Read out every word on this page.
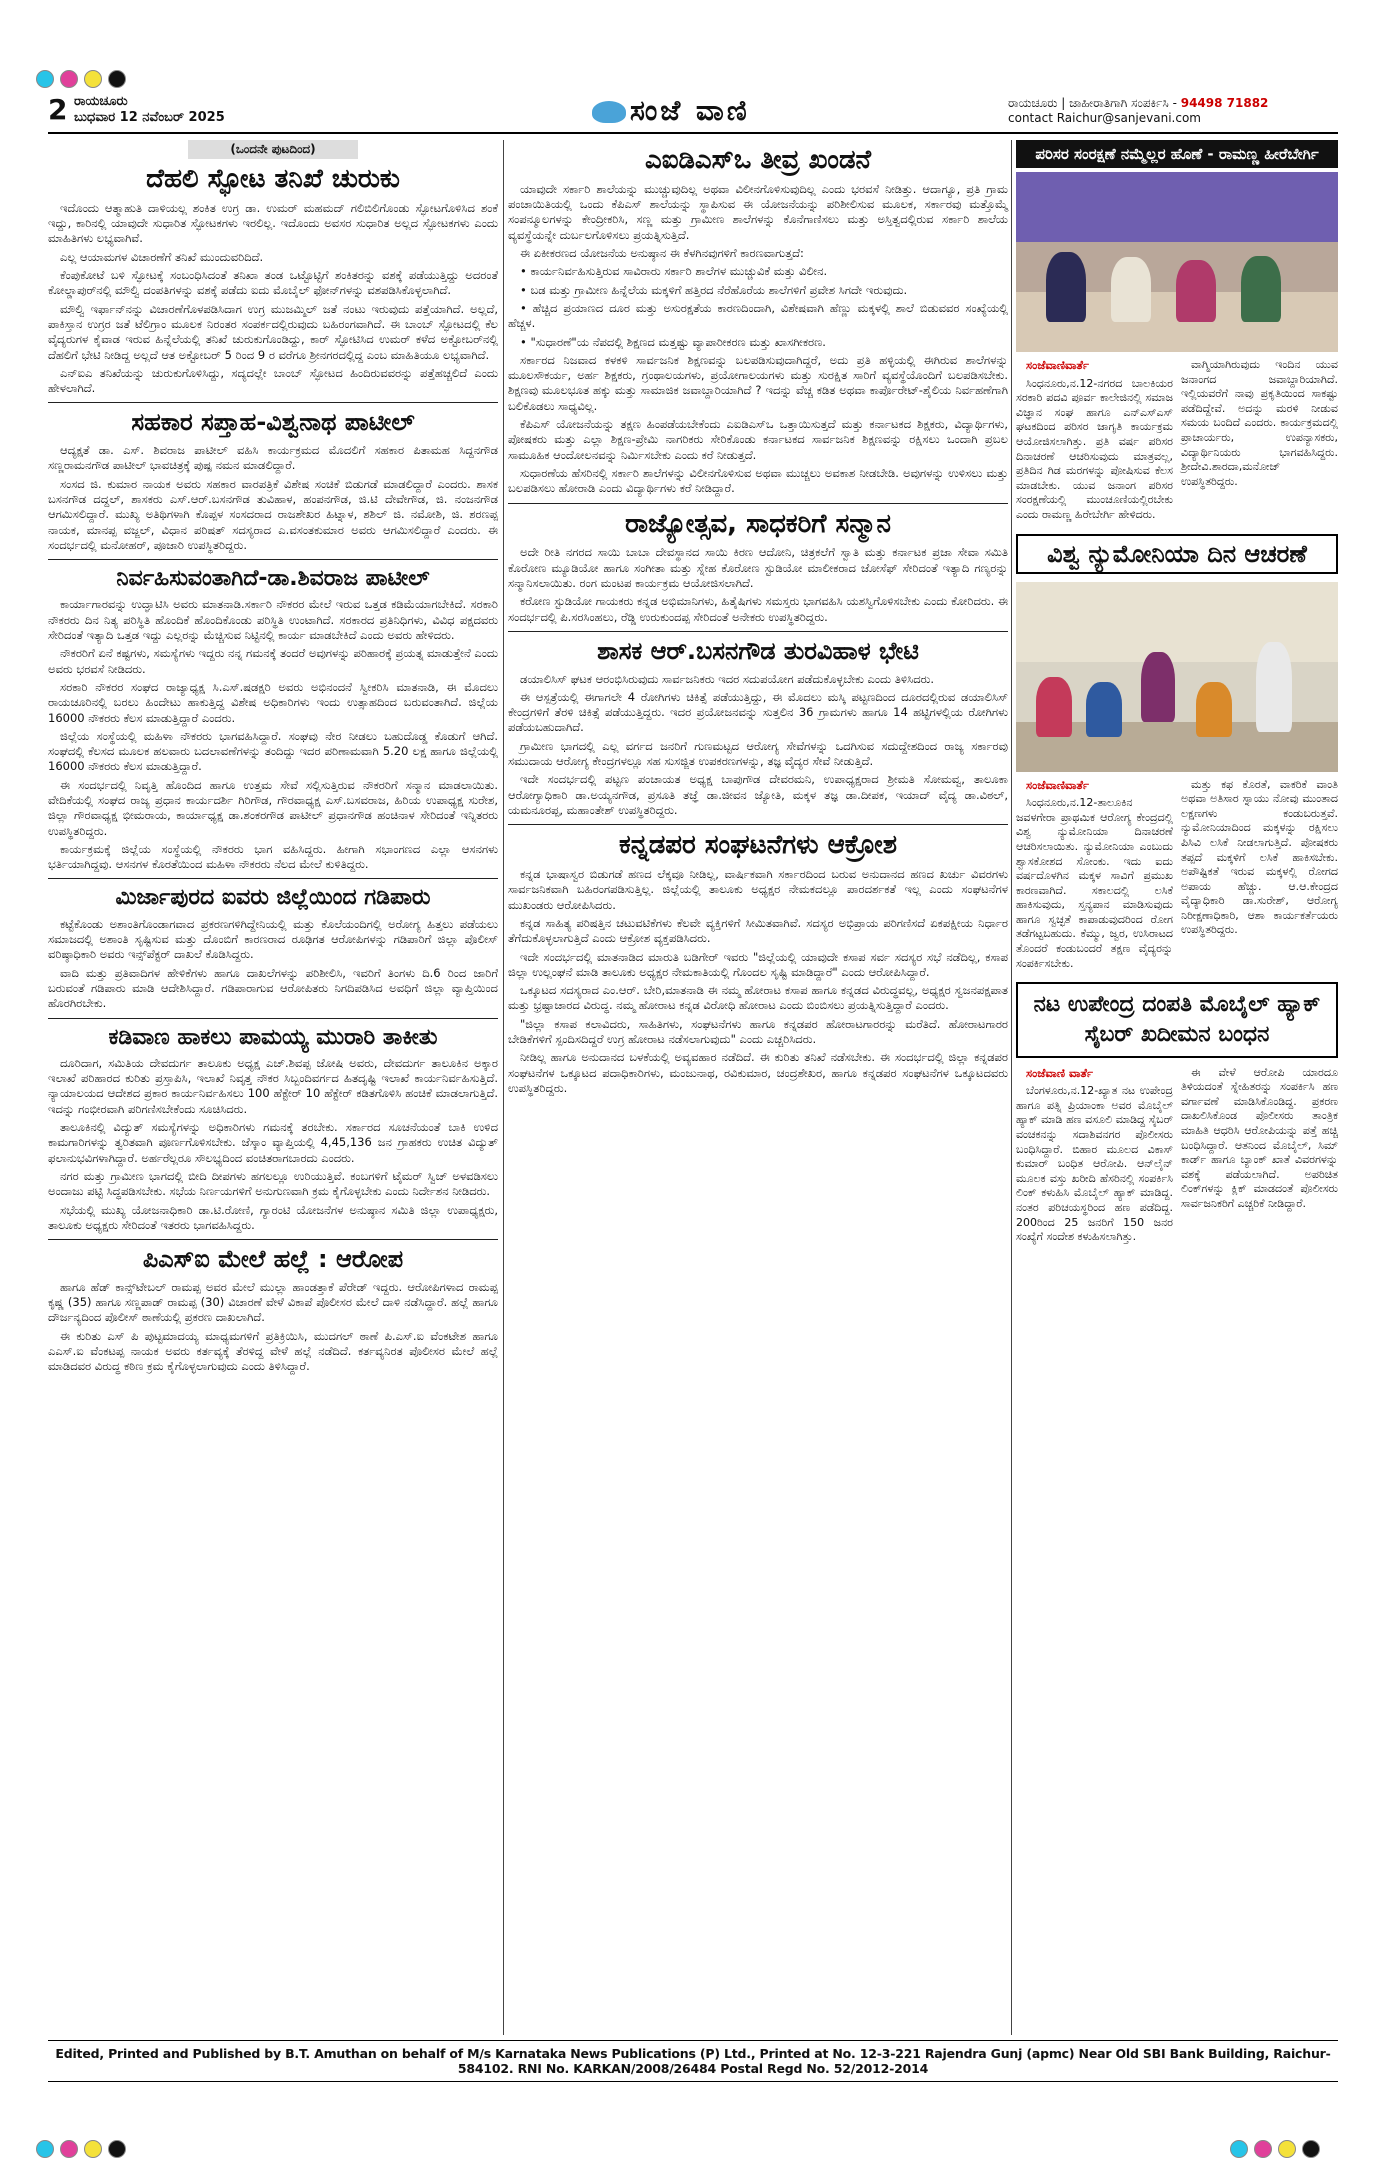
2 ರಾಯಚೂರು
ಬುಧವಾರ 12 ನವೆಂಬರ್ 2025	ಸಂಜೆ ವಾಣಿ	ರಾಯಚೂರು | ಜಾಹೀರಾತಿಗಾಗಿ ಸಂಪರ್ಕಿಸಿ - 94498 71882
contact Raichur@sanjevani.com
(ಒಂದನೇ ಪುಟದಿಂದ)
ದೆಹಲಿ ಸ್ಫೋಟ ತನಿಖೆ ಚುರುಕು

ಇದೊಂದು ಆತ್ಮಾಹುತಿ ದಾಳಿಯಲ್ಲ ಶಂಕಿತ ಉಗ್ರ ಡಾ. ಉಮರ್ ಮಹಮದ್ ಗಲಿಬಿಲಿಗೊಂಡು ಸ್ಫೋಟಗೊಳಿಸಿದ ಶಂಕೆ ಇದ್ದು, ಕಾರಿನಲ್ಲಿ ಯಾವುದೇ ಸುಧಾರಿತ ಸ್ಫೋಟಕಗಳು ಇರಲಿಲ್ಲ. ಇದೊಂದು ಅವಸರ ಸುಧಾರಿತ ಅಲ್ಲದ ಸ್ಫೋಟಕಗಳು ಎಂದು ಮಾಹಿತಿಗಳು ಲಭ್ಯವಾಗಿವೆ.

ಎಲ್ಲ ಆಯಾಮಗಳ ವಿಚಾರಣೆಗೆ ತನಿಖೆ ಮುಂದುವರಿದಿದೆ.

ಕೆಂಪುಕೋಟೆ ಬಳಿ ಸ್ಫೋಟಕ್ಕೆ ಸಂಬಂಧಿಸಿದಂತೆ ತನಿಖಾ ತಂಡ ಒಟ್ಟೊಟ್ಟಿಗೆ ಶಂಕಿತರನ್ನು ವಶಕ್ಕೆ ಪಡೆಯುತ್ತಿದ್ದು ಅದರಂತೆ ಕೋಲ್ಡಾಪುರ್‌ನಲ್ಲಿ ಮೌಲ್ವಿ ದಂಪತಿಗಳನ್ನು ವಶಕ್ಕೆ ಪಡೆದು ಐದು ಮೊಬೈಲ್ ಫೋನ್‌ಗಳನ್ನು ವಶಪಡಿಸಿಕೊಳ್ಳಲಾಗಿದೆ.

ಮೌಲ್ವಿ ಇರ್ಫಾನ್‌ನನ್ನು ವಿಚಾರಣೆಗೊಳಪಡಿಸಿದಾಗ ಉಗ್ರ ಮುಜಮ್ಮಿಲ್ ಜತೆ ನಂಟು ಇರುವುದು ಪತ್ತೆಯಾಗಿದೆ. ಅಲ್ಲದೆ, ಪಾಕಿಸ್ತಾನ ಉಗ್ರರ ಜತೆ ಟೆಲಿಗ್ರಾಂ ಮೂಲಕ ನಿರಂತರ ಸಂಪರ್ಕದಲ್ಲಿರುವುದು ಬಹಿರಂಗವಾಗಿದೆ. ಈ ಬಾಂಬ್ ಸ್ಫೋಟದಲ್ಲಿ ಕೆಲ ವೈದ್ಯರುಗಳ ಕೈವಾಡ ಇರುವ ಹಿನ್ನೆಲೆಯಲ್ಲಿ ತನಿಖೆ ಚುರುಕುಗೊಂಡಿದ್ದು, ಕಾರ್ ಸ್ಫೋಟಿಸಿದ ಉಮರ್ ಕಳೆದ ಅಕ್ಟೋಬರ್‌ನಲ್ಲಿ ದೆಹಲಿಗೆ ಭೇಟಿ ನೀಡಿದ್ದ ಅಲ್ಲದೆ ಆತ ಅಕ್ಟೋಬರ್ 5 ರಿಂದ 9 ರ ವರೆಗೂ ಶ್ರೀನಗರದಲ್ಲಿದ್ದ ಎಂಬ ಮಾಹಿತಿಯೂ ಲಭ್ಯವಾಗಿದೆ.

ಎನ್‌ಐಎ ತನಿಖೆಯನ್ನು ಚುರುಕುಗೊಳಿಸಿದ್ದು, ಸದ್ಯದಲ್ಲೇ ಬಾಂಬ್ ಸ್ಫೋಟದ ಹಿಂದಿರುವವರನ್ನು ಪತ್ತೆಹಚ್ಚಲಿದೆ ಎಂದು ಹೇಳಲಾಗಿದೆ.

ಸಹಕಾರ ಸಪ್ತಾಹ-ವಿಶ್ವನಾಥ ಪಾಟೀಲ್

ಆದ್ಯಕ್ಷತೆ ಡಾ. ಎಸ್. ಶಿವರಾಜ ಪಾಟೀಲ್ ವಹಿಸಿ ಕಾರ್ಯಕ್ರಮದ ಮೊದಲಿಗೆ ಸಹಕಾರ ಪಿತಾಮಹ ಸಿದ್ದನಗೌಡ ಸಣ್ಣರಾಮನಗೌಡ ಪಾಟೀಲ್ ಭಾವಚಿತ್ರಕ್ಕೆ ಪುಷ್ಪ ನಮನ ಮಾಡಲಿದ್ದಾರೆ.

ಸಂಸದ ಜಿ. ಕುಮಾರ ನಾಯಕ ಅವರು ಸಹಕಾರ ವಾರಪತ್ರಿಕೆ ವಿಶೇಷ ಸಂಚಿಕೆ ಬಿಡುಗಡೆ ಮಾಡಲಿದ್ದಾರೆ ಎಂದರು. ಶಾಸಕ ಬಸನಗೌಡ ದದ್ದಲ್, ಶಾಸಕರು ಎಸ್.ಆರ್.ಬಸನಗೌಡ ತುವಿಹಾಳ, ಹಂಪನಗೌಡ, ಜಿ.ಟಿ ದೇವೇಗೌಡ, ಜಿ. ನಂಜನಗೌಡ ಆಗಮಿಸಲಿದ್ದಾರೆ. ಮುಖ್ಯ ಅತಿಥಿಗಳಾಗಿ ಕೊಪ್ಪಳ ಸಂಸದರಾದ ರಾಜಶೇಖರ ಹಿಟ್ನಾಳ, ಶಶಿಲ್ ಜಿ. ನಮೋಶಿ, ಜಿ. ಶರಣಪ್ಪ ನಾಯಕ, ಮಾನಪ್ಪ ವಜ್ಜಲ್, ವಿಧಾನ ಪರಿಷತ್ ಸದಸ್ಯರಾದ ಎ.ವಸಂತಕುಮಾರ ಅವರು ಆಗಮಿಸಲಿದ್ದಾರೆ ಎಂದರು. ಈ ಸಂದರ್ಭದಲ್ಲಿ ಮನೋಹರ್, ಪೂಜಾರಿ ಉಪಸ್ಥಿತರಿದ್ದರು.

ನಿರ್ವಹಿಸುವಂತಾಗಿದೆ-ಡಾ.ಶಿವರಾಜ ಪಾಟೀಲ್

ಕಾರ್ಯಾಗಾರವನ್ನು ಉದ್ಘಾಟಿಸಿ ಅವರು ಮಾತನಾಡಿ.ಸರ್ಕಾರಿ ನೌಕರರ ಮೇಲೆ ಇರುವ ಒತ್ತಡ ಕಡಿಮೆಯಾಗಬೇಕಿದೆ. ಸರಕಾರಿ ನೌಕರರು ದಿನ ನಿತ್ಯ ಪರಿಸ್ಥಿತಿ ಹೊಂದಿಕೆ ಹೊಂದಿಕೊಂಡು ಪರಿಸ್ಥಿತಿ ಉಂಟಾಗಿದೆ. ಸರಕಾರದ ಪ್ರತಿನಿಧಿಗಳು, ವಿವಿಧ ಪಕ್ಷದವರು ಸೇರಿದಂತೆ ಇತ್ಯಾದಿ ಒತ್ತಡ ಇದ್ದು ಎಲ್ಲರನ್ನು ಮೆಚ್ಚಿಸುವ ನಿಟ್ಟಿನಲ್ಲಿ ಕಾರ್ಯ ಮಾಡಬೇಕಿದೆ ಎಂದು ಅವರು ಹೇಳಿದರು.

ನೌಕರರಿಗೆ ಏನೆ ಕಷ್ಟಗಳು, ಸಮಸ್ಯೆಗಳು ಇದ್ದರು ನನ್ನ ಗಮನಕ್ಕೆ ತಂದರೆ ಅವುಗಳನ್ನು ಪರಿಹಾರಕ್ಕೆ ಪ್ರಯತ್ನ ಮಾಡುತ್ತೇನೆ ಎಂದು ಅವರು ಭರವಸೆ ನೀಡಿದರು.

ಸರಕಾರಿ ನೌಕರರ ಸಂಘದ ರಾಜ್ಯಾಧ್ಯಕ್ಷ ಸಿ.ಎಸ್.ಷಡಕ್ಷರಿ ಅವರು ಅಭಿನಂದನೆ ಸ್ವೀಕರಿಸಿ ಮಾತನಾಡಿ, ಈ ಮೊದಲು ರಾಯಚೂರಿನಲ್ಲಿ ಬರಲು ಹಿಂದೇಟು ಹಾಕುತ್ತಿದ್ದ ವಿಶೇಷ ಅಧಿಕಾರಿಗಳು ಇಂದು ಉತ್ಸಾಹದಿಂದ ಬರುವಂತಾಗಿದೆ. ಜಿಲ್ಲೆಯ 16000 ನೌಕರರು ಕೆಲಸ ಮಾಡುತ್ತಿದ್ದಾರೆ ಎಂದರು.

ಜಿಲ್ಲೆಯ ಸಂಸ್ಥೆಯಲ್ಲಿ ಮಹಿಳಾ ನೌಕರರು ಭಾಗವಹಿಸಿದ್ದಾರೆ. ಸಂಘವು ನೇರ ನೀಡಲು ಬಹುದೊಡ್ಡ ಕೊಡುಗೆ ಆಗಿದೆ. ಸಂಘದಲ್ಲಿ ಕೆಲಸದ ಮೂಲಕ ಹಲವಾರು ಬದಲಾವಣೆಗಳನ್ನು ತಂದಿದ್ದು ಇದರ ಪರಿಣಾಮವಾಗಿ 5.20 ಲಕ್ಷ ಹಾಗೂ ಜಿಲ್ಲೆಯಲ್ಲಿ 16000 ನೌಕರರು ಕೆಲಸ ಮಾಡುತ್ತಿದ್ದಾರೆ.

ಈ ಸಂದರ್ಭದಲ್ಲಿ ನಿವೃತ್ತಿ ಹೊಂದಿದ ಹಾಗೂ ಉತ್ತಮ ಸೇವೆ ಸಲ್ಲಿಸುತ್ತಿರುವ ನೌಕರರಿಗೆ ಸನ್ಮಾನ ಮಾಡಲಾಯಿತು. ವೇದಿಕೆಯಲ್ಲಿ ಸಂಘದ ರಾಜ್ಯ ಪ್ರಧಾನ ಕಾರ್ಯದರ್ಶಿ ಗಿರಿಗೌಡ, ಗೌರವಾಧ್ಯಕ್ಷ ಎಸ್.ಬಸವರಾಜ, ಹಿರಿಯ ಉಪಾಧ್ಯಕ್ಷ ಸುರೇಶ, ಜಿಲ್ಲಾ ಗೌರವಾಧ್ಯಕ್ಷ ಭೀಮರಾಯ, ಕಾರ್ಯಾಧ್ಯಕ್ಷ ಡಾ.ಶಂಕರಗೌಡ ಪಾಟೀಲ್ ಪ್ರಧಾನಗೌಡ ಹಂಚಿನಾಳ ಸೇರಿದಂತೆ ಇನ್ನಿತರರು ಉಪಸ್ಥಿತರಿದ್ದರು.

ಕಾರ್ಯಕ್ರಮಕ್ಕೆ ಜಿಲ್ಲೆಯ ಸಂಸ್ಥೆಯಲ್ಲಿ ನೌಕರರು ಭಾಗ ವಹಿಸಿದ್ದರು. ಹೀಗಾಗಿ ಸಭಾಂಗಣದ ಎಲ್ಲಾ ಆಸನಗಳು ಭರ್ತಿಯಾಗಿದ್ದವು. ಆಸನಗಳ ಕೊರತೆಯಿಂದ ಮಹಿಳಾ ನೌಕರರು ನೆಲದ ಮೇಲೆ ಕುಳಿತಿದ್ದರು.

ಮಿರ್ಜಾಪುರದ ಐವರು ಜಿಲ್ಲೆಯಿಂದ ಗಡಿಪಾರು

ಕಟ್ಟೆಕೊಂಡು ಅಶಾಂತಿಗೊಂಡಾಗವಾದ ಪ್ರಕರಣಗಳಿಗಿದ್ದೇನಿಯಲ್ಲಿ ಮತ್ತು ಕೊಲೆಯಂದಿಗಲ್ಲಿ ಅರೋಗ್ಯ ಹಿತ್ತಲು ಪಡೆಯಲು ಸಮಾಜದಲ್ಲಿ ಅಶಾಂತಿ ಸೃಷ್ಟಿಸುವ ಮತ್ತು ದೊಂಬಿಗೆ ಕಾರಣರಾದ ರೂಢಿಗತ ಆರೋಪಿಗಳನ್ನು ಗಡಿಪಾರಿಗೆ ಜಿಲ್ಲಾ ಪೊಲೀಸ್ ವರಿಷ್ಠಾಧಿಕಾರಿ ಅವರು ಇನ್ಸ್‌ಪೆಕ್ಟರ್ ದಾಖಲೆ ಕೊಡಿಸಿದ್ದರು.

ವಾದಿ ಮತ್ತು ಪ್ರತಿವಾದಿಗಳ ಹೇಳಿಕೆಗಳು ಹಾಗೂ ದಾಖಲೆಗಳನ್ನು ಪರಿಶೀಲಿಸಿ, ಇವರಿಗೆ ತಿಂಗಳು ದಿ.6 ರಿಂದ ಜಾರಿಗೆ ಬರುವಂತೆ ಗಡಿಪಾರು ಮಾಡಿ ಆದೇಶಿಸಿದ್ದಾರೆ. ಗಡಿಪಾರಾಗುವ ಆರೋಪಿತರು ನಿಗದಿಪಡಿಸಿದ ಅವಧಿಗೆ ಜಿಲ್ಲಾ ವ್ಯಾಪ್ತಿಯಿಂದ ಹೊರಗಿರಬೇಕು.

ಕಡಿವಾಣ ಹಾಕಲು ಪಾಮಯ್ಯ ಮುರಾರಿ ತಾಕೀತು

ದೂರಿದಾಗ, ಸಮಿತಿಯ ದೇವದುರ್ಗ ತಾಲೂಕು ಅಧ್ಯಕ್ಷ ಎಚ್.ಶಿವಪ್ಪ ಜೋಷಿ ಅವರು, ದೇವದುರ್ಗ ತಾಲೂಕಿನ ಅಕ್ಕಾರ ಇಲಾಖೆ ಪರಿಹಾರದ ಕುರಿತು ಪ್ರಸ್ತಾಪಿಸಿ, ಇಲಾಖೆ ನಿವೃತ್ತ ನೌಕರ ಸಿಬ್ಬಂದಿವರ್ಗದ ಹಿತದೃಷ್ಟಿ ಇಲಾಖೆ ಕಾರ್ಯನಿರ್ವಹಿಸುತ್ತಿದೆ. ನ್ಯಾಯಾಲಯದ ಆದೇಶದ ಪ್ರಕಾರ ಕಾರ್ಯನಿರ್ವಹಿಸಲು 100 ಹೆಕ್ಟೇರ್ 10 ಹೆಕ್ಟೇರ್ ಕಡಿತಗೊಳಿಸಿ ಹಂಚಿಕೆ ಮಾಡಲಾಗುತ್ತಿದೆ. ಇದನ್ನು ಗಂಭೀರವಾಗಿ ಪರಿಗಣಿಸಬೇಕೆಂದು ಸೂಚಿಸಿದರು.

ತಾಲೂಕಿನಲ್ಲಿ ವಿದ್ಯುತ್ ಸಮಸ್ಯೆಗಳನ್ನು ಅಧಿಕಾರಿಗಳು ಗಮನಕ್ಕೆ ತರಬೇಕು. ಸರ್ಕಾರದ ಸೂಚನೆಯಂತೆ ಬಾಕಿ ಉಳಿದ ಕಾಮಗಾರಿಗಳನ್ನು ತ್ವರಿತವಾಗಿ ಪೂರ್ಣಗೊಳಿಸಬೇಕು. ಜೆಸ್ಕಾಂ ವ್ಯಾಪ್ತಿಯಲ್ಲಿ 4,45,136 ಜನ ಗ್ರಾಹಕರು ಉಚಿತ ವಿದ್ಯುತ್ ಫಲಾನುಭವಿಗಳಾಗಿದ್ದಾರೆ. ಅರ್ಹರೆಲ್ಲರೂ ಸೌಲಭ್ಯದಿಂದ ವಂಚಿತರಾಗಬಾರದು ಎಂದರು.

ನಗರ ಮತ್ತು ಗ್ರಾಮೀಣ ಭಾಗದಲ್ಲಿ ಬೀದಿ ದೀಪಗಳು ಹಗಲಲ್ಲೂ ಉರಿಯುತ್ತಿವೆ. ಕಂಬಗಳಿಗೆ ಟೈಮರ್ ಸ್ವಿಚ್ ಅಳವಡಿಸಲು ಅಂದಾಜು ಪಟ್ಟಿ ಸಿದ್ಧಪಡಿಸಬೇಕು. ಸಭೆಯ ನಿರ್ಣಯಗಳಿಗೆ ಅನುಗುಣವಾಗಿ ಕ್ರಮ ಕೈಗೊಳ್ಳಬೇಕು ಎಂದು ನಿರ್ದೇಶನ ನೀಡಿದರು.

ಸಭೆಯಲ್ಲಿ ಮುಖ್ಯ ಯೋಜನಾಧಿಕಾರಿ ಡಾ.ಟಿ.ರೋಣಿ, ಗ್ಯಾರಂಟಿ ಯೋಜನೆಗಳ ಅನುಷ್ಠಾನ ಸಮಿತಿ ಜಿಲ್ಲಾ ಉಪಾಧ್ಯಕ್ಷರು, ತಾಲೂಕು ಅಧ್ಯಕ್ಷರು ಸೇರಿದಂತೆ ಇತರರು ಭಾಗವಹಿಸಿದ್ದರು.

ಪಿಎಸ್‌ಐ ಮೇಲೆ ಹಲ್ಲೆ : ಆರೋಪ

ಹಾಗೂ ಹೆಡ್ ಕಾನ್ಸ್‌ಟೇಬಲ್ ರಾಮಪ್ಪ ಅವರ ಮೇಲೆ ಮುಲ್ಲಾ ಹಾಂಡತ್ತಾಕೆ ಪೆರೇಡ್ ಇದ್ದರು. ಆರೋಪಿಗಳಾದ ರಾಮಪ್ಪ ಕೃಷ್ಣ (35) ಹಾಗೂ ಸಣ್ಣಪಾಡ್ ರಾಮಪ್ಪ (30) ವಿಚಾರಣೆ ವೇಳೆ ವಿಕಾಪೆ ಪೊಲೀಸರ ಮೇಲೆ ದಾಳಿ ನಡೆಸಿದ್ದಾರೆ. ಹಲ್ಲೆ ಹಾಗೂ ದೌರ್ಜನ್ಯದಿಂದ ಪೊಲೀಸ್ ಠಾಣೆಯಲ್ಲಿ ಪ್ರಕರಣ ದಾಖಲಾಗಿದೆ.

ಈ ಕುರಿತು ಎಸ್ ಪಿ ಪುಟ್ಟಮಾದಯ್ಯ ಮಾಧ್ಯಮಗಳಿಗೆ ಪ್ರತಿಕ್ರಿಯಿಸಿ, ಮುದಗಲ್ ಠಾಣೆ ಪಿ.ಎಸ್.ಐ ವೆಂಕಟೇಶ ಹಾಗೂ ಎಎಸ್.ಐ ವೆಂಕಟಪ್ಪ ನಾಯಕ ಅವರು ಕರ್ತವ್ಯಕ್ಕೆ ತೆರಳಿದ್ದ ವೇಳೆ ಹಲ್ಲೆ ನಡೆದಿದೆ. ಕರ್ತವ್ಯನಿರತ ಪೊಲೀಸರ ಮೇಲೆ ಹಲ್ಲೆ ಮಾಡಿದವರ ವಿರುದ್ಧ ಕಠಿಣ ಕ್ರಮ ಕೈಗೊಳ್ಳಲಾಗುವುದು ಎಂದು ತಿಳಿಸಿದ್ದಾರೆ.

ಎಐಡಿಎಸ್‌ಒ ತೀವ್ರ ಖಂಡನೆ

ಯಾವುದೇ ಸರ್ಕಾರಿ ಶಾಲೆಯನ್ನು ಮುಚ್ಚುವುದಿಲ್ಲ ಅಥವಾ ವಿಲೀನಗೊಳಿಸುವುದಿಲ್ಲ ಎಂದು ಭರವಸೆ ನೀಡಿತ್ತು. ಆದಾಗ್ಯೂ, ಪ್ರತಿ ಗ್ರಾಮ ಪಂಚಾಯಿತಿಯಲ್ಲಿ ಒಂದು ಕೆಪಿಎಸ್ ಶಾಲೆಯನ್ನು ಸ್ಥಾಪಿಸುವ ಈ ಯೋಜನೆಯನ್ನು ಪರಿಶೀಲಿಸುವ ಮೂಲಕ, ಸರ್ಕಾರವು ಮತ್ತೊಮ್ಮೆ ಸಂಪನ್ಮೂಲಗಳನ್ನು ಕೇಂದ್ರೀಕರಿಸಿ, ಸಣ್ಣ ಮತ್ತು ಗ್ರಾಮೀಣ ಶಾಲೆಗಳನ್ನು ಕೊನೆಗಾಣಿಸಲು ಮತ್ತು ಅಸ್ತಿತ್ವದಲ್ಲಿರುವ ಸರ್ಕಾರಿ ಶಾಲೆಯ ವ್ಯವಸ್ಥೆಯನ್ನೇ ದುರ್ಬಲಗೊಳಿಸಲು ಪ್ರಯತ್ನಿಸುತ್ತಿದೆ.

ಈ ಏಕೀಕರಣದ ಯೋಜನೆಯ ಅನುಷ್ಠಾನ ಈ ಕೆಳಗಿನವುಗಳಿಗೆ ಕಾರಣವಾಗುತ್ತದೆ:

• ಕಾರ್ಯನಿರ್ವಹಿಸುತ್ತಿರುವ ಸಾವಿರಾರು ಸರ್ಕಾರಿ ಶಾಲೆಗಳ ಮುಚ್ಚುವಿಕೆ ಮತ್ತು ವಿಲೀನ.

• ಬಡ ಮತ್ತು ಗ್ರಾಮೀಣ ಹಿನ್ನೆಲೆಯ ಮಕ್ಕಳಿಗೆ ಹತ್ತಿರದ ನೆರೆಹೊರೆಯ ಶಾಲೆಗಳಿಗೆ ಪ್ರವೇಶ ಸಿಗದೇ ಇರುವುದು.

• ಹೆಚ್ಚಿದ ಪ್ರಯಾಣದ ದೂರ ಮತ್ತು ಅಸುರಕ್ಷತೆಯ ಕಾರಣದಿಂದಾಗಿ, ವಿಶೇಷವಾಗಿ ಹೆಣ್ಣು ಮಕ್ಕಳಲ್ಲಿ ಶಾಲೆ ಬಿಡುವವರ ಸಂಖ್ಯೆಯಲ್ಲಿ ಹೆಚ್ಚಳ.

• "ಸುಧಾರಣೆ"ಯ ನೆಪದಲ್ಲಿ ಶಿಕ್ಷಣದ ಮತ್ತಷ್ಟು ವ್ಯಾಪಾರೀಕರಣ ಮತ್ತು ಖಾಸಗೀಕರಣ.

ಸರ್ಕಾರದ ನಿಜವಾದ ಕಳಕಳಿ ಸಾರ್ವಜನಿಕ ಶಿಕ್ಷಣವನ್ನು ಬಲಪಡಿಸುವುದಾಗಿದ್ದರೆ, ಅದು ಪ್ರತಿ ಹಳ್ಳಿಯಲ್ಲಿ ಈಗಿರುವ ಶಾಲೆಗಳನ್ನು ಮೂಲಸೌಕರ್ಯ, ಅರ್ಹ ಶಿಕ್ಷಕರು, ಗ್ರಂಥಾಲಯಗಳು, ಪ್ರಯೋಗಾಲಯಗಳು ಮತ್ತು ಸುರಕ್ಷಿತ ಸಾರಿಗೆ ವ್ಯವಸ್ಥೆಯೊಂದಿಗೆ ಬಲಪಡಿಸಬೇಕು. ಶಿಕ್ಷಣವು ಮೂಲಭೂತ ಹಕ್ಕು ಮತ್ತು ಸಾಮಾಜಿಕ ಜವಾಬ್ದಾರಿಯಾಗಿದೆ ? ಇದನ್ನು ವೆಚ್ಚ ಕಡಿತ ಅಥವಾ ಕಾರ್ಪೊರೇಟ್-ಶೈಲಿಯ ನಿರ್ವಹಣೆಗಾಗಿ ಬಲಿಕೊಡಲು ಸಾಧ್ಯವಿಲ್ಲ.

ಕೆಪಿಎಸ್ ಯೋಜನೆಯನ್ನು ತಕ್ಷಣ ಹಿಂಪಡೆಯಬೇಕೆಂದು ಎಐಡಿಎಸ್‌ಒ ಒತ್ತಾಯಿಸುತ್ತದೆ ಮತ್ತು ಕರ್ನಾಟಕದ ಶಿಕ್ಷಕರು, ವಿದ್ಯಾರ್ಥಿಗಳು, ಪೋಷಕರು ಮತ್ತು ಎಲ್ಲಾ ಶಿಕ್ಷಣ-ಪ್ರೇಮಿ ನಾಗರಿಕರು ಸೇರಿಕೊಂಡು ಕರ್ನಾಟಕದ ಸಾರ್ವಜನಿಕ ಶಿಕ್ಷಣವನ್ನು ರಕ್ಷಿಸಲು ಒಂದಾಗಿ ಪ್ರಬಲ ಸಾಮೂಹಿಕ ಆಂದೋಲನವನ್ನು ನಿರ್ಮಿಸಬೇಕು ಎಂದು ಕರೆ ನೀಡುತ್ತದೆ.

ಸುಧಾರಣೆಯ ಹೆಸರಿನಲ್ಲಿ ಸರ್ಕಾರಿ ಶಾಲೆಗಳನ್ನು ವಿಲೀನಗೊಳಿಸುವ ಅಥವಾ ಮುಚ್ಚಲು ಅವಕಾಶ ನೀಡಬೇಡಿ. ಅವುಗಳನ್ನು ಉಳಿಸಲು ಮತ್ತು ಬಲಪಡಿಸಲು ಹೋರಾಡಿ ಎಂದು ವಿದ್ಯಾರ್ಥಿಗಳು ಕರೆ ನೀಡಿದ್ದಾರೆ.

ರಾಜ್ಯೋತ್ಸವ, ಸಾಧಕರಿಗೆ ಸನ್ಮಾನ

ಅದೇ ರೀತಿ ನಗರದ ಸಾಯಿ ಬಾಬಾ ದೇವಸ್ಥಾನದ ಸಾಯಿ ಕಿರಣ ಆದೋನಿ, ಚಿತ್ರಕಲೆಗೆ ಸ್ವಾತಿ ಮತ್ತು ಕರ್ನಾಟಕ ಪ್ರಜಾ ಸೇವಾ ಸಮಿತಿ ಕೊರೋಣ ಮ್ಯೂಡಿಯೋ ಹಾಗೂ ಸಂಗೀತಾ ಮತ್ತು ಸ್ನೇಹ ಕೊರೋಣ ಸ್ಟುಡಿಯೋ ಮಾಲೀಕರಾದ ಜೋಸೆಫ್ ಸೇರಿದಂತೆ ಇತ್ಯಾದಿ ಗಣ್ಯರನ್ನು ಸನ್ಮಾನಿಸಲಾಯಿತು. ರಂಗ ಮಂಟಪ ಕಾರ್ಯಕ್ರಮ ಆಯೋಜಿಸಲಾಗಿದೆ.

ಕರೋಣ ಸ್ಟುಡಿಯೋ ಗಾಯಕರು ಕನ್ನಡ ಅಭಿಮಾನಿಗಳು, ಹಿತೈಷಿಗಳು ಸಮಸ್ತರು ಭಾಗವಹಿಸಿ ಯಶಸ್ವಿಗೊಳಿಸಬೇಕು ಎಂದು ಕೋರಿದರು. ಈ ಸಂದರ್ಭದಲ್ಲಿ ಪಿ.ಸರಸಿಂಹಲು, ರೆಡ್ಡಿ ಉರುಕುಂದಪ್ಪ ಸೇರಿದಂತೆ ಅನೇಕರು ಉಪಸ್ಥಿತರಿದ್ದರು.

ಶಾಸಕ ಆರ್.ಬಸನಗೌಡ ತುರವಿಹಾಳ ಭೇಟಿ

ಡಯಾಲಿಸಿಸ್ ಘಟಕ ಆರಂಭಿಸಿರುವುದು ಸಾರ್ವಜನಿಕರು ಇದರ ಸದುಪಯೋಗ ಪಡೆದುಕೊಳ್ಳಬೇಕು ಎಂದು ತಿಳಿಸಿದರು.

ಈ ಆಸ್ಪತ್ರೆಯಲ್ಲಿ ಈಗಾಗಲೇ 4 ರೋಗಿಗಳು ಚಿಕಿತ್ಸೆ ಪಡೆಯುತ್ತಿದ್ದು, ಈ ಮೊದಲು ಮಸ್ಕಿ ಪಟ್ಟಣದಿಂದ ದೂರದಲ್ಲಿರುವ ಡಯಾಲಿಸಿಸ್ ಕೇಂದ್ರಗಳಿಗೆ ತೆರಳಿ ಚಿಕಿತ್ಸೆ ಪಡೆಯುತ್ತಿದ್ದರು. ಇದರ ಪ್ರಯೋಜನವನ್ನು ಸುತ್ತಲಿನ 36 ಗ್ರಾಮಗಳು ಹಾಗೂ 14 ಹಟ್ಟಿಗಳಲ್ಲಿಯ ರೋಗಿಗಳು ಪಡೆಯಬಹುದಾಗಿದೆ.

ಗ್ರಾಮೀಣ ಭಾಗದಲ್ಲಿ ಎಲ್ಲ ವರ್ಗದ ಜನರಿಗೆ ಗುಣಮಟ್ಟದ ಆರೋಗ್ಯ ಸೇವೆಗಳನ್ನು ಒದಗಿಸುವ ಸದುದ್ದೇಶದಿಂದ ರಾಜ್ಯ ಸರ್ಕಾರವು ಸಮುದಾಯ ಆರೋಗ್ಯ ಕೇಂದ್ರಗಳಲ್ಲೂ ಸಹ ಸುಸಜ್ಜಿತ ಉಪಕರಣಗಳನ್ನು, ತಜ್ಞ ವೈದ್ಯರ ಸೇವೆ ನೀಡುತ್ತಿದೆ.

ಇದೇ ಸಂದರ್ಭದಲ್ಲಿ ಪಟ್ಟಣ ಪಂಚಾಯತ ಅಧ್ಯಕ್ಷ ಬಾಪುಗೌಡ ದೇವರಮನಿ, ಉಪಾಧ್ಯಕ್ಷರಾದ ಶ್ರೀಮತಿ ಸೋಮವ್ವ, ತಾಲೂಕಾ ಆರೋಗ್ಯಾಧಿಕಾರಿ ಡಾ.ಅಯ್ಯನಗೌಡ, ಪ್ರಸೂತಿ ತಜ್ಞೆ ಡಾ.ಜೀವನ ಜ್ಯೋತಿ, ಮಕ್ಕಳ ತಜ್ಞ ಡಾ.ದೀಪಕ, ಇಯಾದ್ ವೈದ್ಯ ಡಾ.ವಿಠಲ್, ಯಮನೂರಪ್ಪ, ಮಹಾಂತೇಶ್ ಉಪಸ್ಥಿತರಿದ್ದರು.

ಕನ್ನಡಪರ ಸಂಘಟನೆಗಳು ಆಕ್ರೋಶ

ಕನ್ನಡ ಭಾಷಾಸ್ವರ ಬಿಡುಗಡೆ ಹಣದ ಲೆಕ್ಕವೂ ನೀಡಿಲ್ಲ, ವಾರ್ಷಿಕವಾಗಿ ಸರ್ಕಾರದಿಂದ ಬರುವ ಅನುದಾನದ ಹಣದ ಖರ್ಚು ವಿವರಗಳು ಸಾರ್ವಜನಿಕವಾಗಿ ಬಹಿರಂಗಪಡಿಸುತ್ತಿಲ್ಲ. ಜಿಲ್ಲೆಯಲ್ಲಿ ತಾಲೂಕು ಅಧ್ಯಕ್ಷರ ನೇಮಕದಲ್ಲೂ ಪಾರದರ್ಶಕತೆ ಇಲ್ಲ ಎಂದು ಸಂಘಟನೆಗಳ ಮುಖಂಡರು ಆರೋಪಿಸಿದರು.

ಕನ್ನಡ ಸಾಹಿತ್ಯ ಪರಿಷತ್ತಿನ ಚಟುವಟಿಕೆಗಳು ಕೆಲವೇ ವ್ಯಕ್ತಿಗಳಿಗೆ ಸೀಮಿತವಾಗಿವೆ. ಸದಸ್ಯರ ಅಭಿಪ್ರಾಯ ಪರಿಗಣಿಸದೆ ಏಕಪಕ್ಷೀಯ ನಿರ್ಧಾರ ತೆಗೆದುಕೊಳ್ಳಲಾಗುತ್ತಿದೆ ಎಂದು ಆಕ್ರೋಶ ವ್ಯಕ್ತಪಡಿಸಿದರು.

ಇದೇ ಸಂದರ್ಭದಲ್ಲಿ ಮಾತನಾಡಿದ ಮಾರುತಿ ಬಡಿಗೇರ್ ಇವರು "ಜಿಲ್ಲೆಯಲ್ಲಿ ಯಾವುದೇ ಕಸಾಪ ಸರ್ವ ಸದಸ್ಯರ ಸಭೆ ನಡೆದಿಲ್ಲ, ಕಸಾಪ ಜಿಲ್ಲಾ ಉಲ್ಲಂಘನೆ ಮಾಡಿ ತಾಲೂಕು ಅಧ್ಯಕ್ಷರ ನೇಮಕಾತಿಯಲ್ಲಿ ಗೊಂದಲ ಸೃಷ್ಟಿ ಮಾಡಿದ್ದಾರೆ" ಎಂದು ಆರೋಪಿಸಿದ್ದಾರೆ.

ಒಕ್ಕೂಟದ ಸದಸ್ಯರಾದ ಎಂ.ಆರ್. ಬೇರಿ,ಮಾತನಾಡಿ ಈ ನಮ್ಮ ಹೋರಾಟ ಕಸಾಪ ಹಾಗೂ ಕನ್ನಡದ ವಿರುದ್ಧವಲ್ಲ, ಅಧ್ಯಕ್ಷರ ಸ್ವಜನಪಕ್ಷಪಾತ ಮತ್ತು ಭ್ರಷ್ಟಾಚಾರದ ವಿರುದ್ಧ. ನಮ್ಮ ಹೋರಾಟ ಕನ್ನಡ ವಿರೋಧಿ ಹೋರಾಟ ಎಂದು ಬಿಂಬಿಸಲು ಪ್ರಯತ್ನಿಸುತ್ತಿದ್ದಾರೆ ಎಂದರು.

"ಜಿಲ್ಲಾ ಕಸಾಪ ಕಲಾವಿದರು, ಸಾಹಿತಿಗಳು, ಸಂಘಟನೆಗಳು ಹಾಗೂ ಕನ್ನಡಪರ ಹೋರಾಟಗಾರರನ್ನು ಮರೆತಿದೆ. ಹೋರಾಟಗಾರರ ಬೇಡಿಕೆಗಳಿಗೆ ಸ್ಪಂದಿಸದಿದ್ದರೆ ಉಗ್ರ ಹೋರಾಟ ನಡೆಸಲಾಗುವುದು" ಎಂದು ಎಚ್ಚರಿಸಿದರು.

ನೀಡಿಲ್ಲ ಹಾಗೂ ಅನುದಾನದ ಬಳಕೆಯಲ್ಲಿ ಅವ್ಯವಹಾರ ನಡೆದಿದೆ. ಈ ಕುರಿತು ತನಿಖೆ ನಡೆಸಬೇಕು. ಈ ಸಂದರ್ಭದಲ್ಲಿ ಜಿಲ್ಲಾ ಕನ್ನಡಪರ ಸಂಘಟನೆಗಳ ಒಕ್ಕೂಟದ ಪದಾಧಿಕಾರಿಗಳು, ಮಂಜುನಾಥ, ರವಿಕುಮಾರ, ಚಂದ್ರಶೇಖರ, ಹಾಗೂ ಕನ್ನಡಪರ ಸಂಘಟನೆಗಳ ಒಕ್ಕೂಟದವರು ಉಪಸ್ಥಿತರಿದ್ದರು.

ಪರಿಸರ ಸಂರಕ್ಷಣೆ ನಮ್ಮೆಲ್ಲರ ಹೊಣೆ - ರಾಮಣ್ಣ ಹೀರೆಬೇರ್ಗಿ

ಸಂಜೆವಾಣಿವಾರ್ತೆ

ಸಿಂಧನೂರು,ನ.12-ನಗರದ ಬಾಲಕಿಯರ ಸರಕಾರಿ ಪದವಿ ಪೂರ್ವ ಕಾಲೇಜಿನಲ್ಲಿ ಸಮಾಜ ವಿಜ್ಞಾನ ಸಂಘ ಹಾಗೂ ಎನ್‌ಎಸ್‌ಎಸ್ ಘಟಕದಿಂದ ಪರಿಸರ ಜಾಗೃತಿ ಕಾರ್ಯಕ್ರಮ ಆಯೋಜಿಸಲಾಗಿತ್ತು. ಪ್ರತಿ ವರ್ಷ ಪರಿಸರ ದಿನಾಚರಣೆ ಆಚರಿಸುವುದು ಮಾತ್ರವಲ್ಲ, ಪ್ರತಿದಿನ ಗಿಡ ಮರಗಳನ್ನು ಪೋಷಿಸುವ ಕೆಲಸ ಮಾಡಬೇಕು. ಯುವ ಜನಾಂಗ ಪರಿಸರ ಸಂರಕ್ಷಣೆಯಲ್ಲಿ ಮುಂಚೂಣಿಯಲ್ಲಿರಬೇಕು ಎಂದು ರಾಮಣ್ಣ ಹಿರೇಬೇರ್ಗಿ ಹೇಳಿದರು.

ವಾಗ್ಮಿಯಾಗಿರುವುದು ಇಂದಿನ ಯುವ ಜನಾಂಗದ ಜವಾಬ್ದಾರಿಯಾಗಿದೆ. ಇಲ್ಲಿಯವರೆಗೆ ನಾವು ಪ್ರಕೃತಿಯಿಂದ ಸಾಕಷ್ಟು ಪಡೆದಿದ್ದೇವೆ. ಅದನ್ನು ಮರಳಿ ನೀಡುವ ಸಮಯ ಬಂದಿದೆ ಎಂದರು. ಕಾರ್ಯಕ್ರಮದಲ್ಲಿ ಪ್ರಾಚಾರ್ಯರು, ಉಪನ್ಯಾಸಕರು, ವಿದ್ಯಾರ್ಥಿನಿಯರು ಭಾಗವಹಿಸಿದ್ದರು. ಶ್ರೀದೇವಿ.ಶಾರದಾ,ಮನೋಜ್ ಉಪಸ್ಥಿತರಿದ್ದರು.

ವಿಶ್ವ ನ್ಯುಮೋನಿಯಾ ದಿನ ಆಚರಣೆ

ಸಂಜೆವಾಣಿವಾರ್ತೆ

ಸಿಂಧನೂರು,ನ.12-ತಾಲೂಕಿನ ಜವಳಗೇರಾ ಪ್ರಾಥಮಿಕ ಆರೋಗ್ಯ ಕೇಂದ್ರದಲ್ಲಿ ವಿಶ್ವ ನ್ಯುಮೋನಿಯಾ ದಿನಾಚರಣೆ ಆಚರಿಸಲಾಯಿತು. ನ್ಯುಮೋನಿಯಾ ಎಂಬುದು ಶ್ವಾಸಕೋಶದ ಸೋಂಕು. ಇದು ಐದು ವರ್ಷದೊಳಗಿನ ಮಕ್ಕಳ ಸಾವಿಗೆ ಪ್ರಮುಖ ಕಾರಣವಾಗಿದೆ. ಸಕಾಲದಲ್ಲಿ ಲಸಿಕೆ ಹಾಕಿಸುವುದು, ಸ್ತನ್ಯಪಾನ ಮಾಡಿಸುವುದು ಹಾಗೂ ಸ್ವಚ್ಛತೆ ಕಾಪಾಡುವುದರಿಂದ ರೋಗ ತಡೆಗಟ್ಟಬಹುದು. ಕೆಮ್ಮು, ಜ್ವರ, ಉಸಿರಾಟದ ತೊಂದರೆ ಕಂಡುಬಂದರೆ ತಕ್ಷಣ ವೈದ್ಯರನ್ನು ಸಂಪರ್ಕಿಸಬೇಕು.

ಮತ್ತು ಕಫ ಕೊರತೆ, ವಾಕರಿಕೆ ವಾಂತಿ ಅಥವಾ ಅತಿಸಾರ ಸ್ನಾಯು ನೋವು ಮುಂತಾದ ಲಕ್ಷಣಗಳು ಕಂಡುಬರುತ್ತವೆ. ನ್ಯುಮೋನಿಯಾದಿಂದ ಮಕ್ಕಳನ್ನು ರಕ್ಷಿಸಲು ಪಿಸಿವಿ ಲಸಿಕೆ ನೀಡಲಾಗುತ್ತಿದೆ. ಪೋಷಕರು ತಪ್ಪದೆ ಮಕ್ಕಳಿಗೆ ಲಸಿಕೆ ಹಾಕಿಸಬೇಕು. ಅಪೌಷ್ಟಿಕತೆ ಇರುವ ಮಕ್ಕಳಲ್ಲಿ ರೋಗದ ಅಪಾಯ ಹೆಚ್ಚು. ಆ.ಆ.ಕೇಂದ್ರದ ವೈದ್ಯಾಧಿಕಾರಿ ಡಾ.ಸುರೇಶ್, ಆರೋಗ್ಯ ನಿರೀಕ್ಷಣಾಧಿಕಾರಿ, ಆಶಾ ಕಾರ್ಯಕರ್ತೆಯರು ಉಪಸ್ಥಿತರಿದ್ದರು.

ನಟ ಉಪೇಂದ್ರ ದಂಪತಿ ಮೊಬೈಲ್ ಹ್ಯಾಕ್ ಸೈಬರ್ ಖದೀಮನ ಬಂಧನ

ಸಂಜೆವಾಣಿ ವಾರ್ತೆ

ಬೆಂಗಳೂರು,ನ.12-ಖ್ಯಾತ ನಟ ಉಪೇಂದ್ರ ಹಾಗೂ ಪತ್ನಿ ಪ್ರಿಯಾಂಕಾ ಅವರ ಮೊಬೈಲ್ ಹ್ಯಾಕ್ ಮಾಡಿ ಹಣ ವಸೂಲಿ ಮಾಡಿದ್ದ ಸೈಬರ್ ವಂಚಕನನ್ನು ಸದಾಶಿವನಗರ ಪೊಲೀಸರು ಬಂಧಿಸಿದ್ದಾರೆ. ಬಿಹಾರ ಮೂಲದ ವಿಕಾಸ್ ಕುಮಾರ್ ಬಂಧಿತ ಆರೋಪಿ. ಆನ್‌ಲೈನ್ ಮೂಲಕ ವಸ್ತು ಖರೀದಿ ಹೆಸರಿನಲ್ಲಿ ಸಂಪರ್ಕಿಸಿ ಲಿಂಕ್ ಕಳುಹಿಸಿ ಮೊಬೈಲ್ ಹ್ಯಾಕ್ ಮಾಡಿದ್ದ. ನಂತರ ಪರಿಚಯಸ್ಥರಿಂದ ಹಣ ಪಡೆದಿದ್ದ. 200ರಿಂದ 25 ಜನರಿಗೆ 150 ಜನರ ಸಂಖ್ಯೆಗೆ ಸಂದೇಶ ಕಳುಹಿಸಲಾಗಿತ್ತು.

ಈ ವೇಳೆ ಆರೋಪಿ ಯಾರದೂ ತಿಳಿಯದಂತೆ ಸ್ನೇಹಿತರನ್ನು ಸಂಪರ್ಕಿಸಿ ಹಣ ವರ್ಗಾವಣೆ ಮಾಡಿಸಿಕೊಂಡಿದ್ದ. ಪ್ರಕರಣ ದಾಖಲಿಸಿಕೊಂಡ ಪೊಲೀಸರು ತಾಂತ್ರಿಕ ಮಾಹಿತಿ ಆಧರಿಸಿ ಆರೋಪಿಯನ್ನು ಪತ್ತೆ ಹಚ್ಚಿ ಬಂಧಿಸಿದ್ದಾರೆ. ಆತನಿಂದ ಮೊಬೈಲ್, ಸಿಮ್ ಕಾರ್ಡ್ ಹಾಗೂ ಬ್ಯಾಂಕ್ ಖಾತೆ ವಿವರಗಳನ್ನು ವಶಕ್ಕೆ ಪಡೆಯಲಾಗಿದೆ. ಅಪರಿಚಿತ ಲಿಂಕ್‌ಗಳನ್ನು ಕ್ಲಿಕ್ ಮಾಡದಂತೆ ಪೊಲೀಸರು ಸಾರ್ವಜನಿಕರಿಗೆ ಎಚ್ಚರಿಕೆ ನೀಡಿದ್ದಾರೆ.

Edited, Printed and Published by B.T. Amuthan on behalf of M/s Karnataka News Publications (P) Ltd., Printed at No. 12-3-221 Rajendra Gunj (apmc) Near Old SBI Bank Building, Raichur-584102. RNI No. KARKAN/2008/26484 Postal Regd No. 52/2012-2014
